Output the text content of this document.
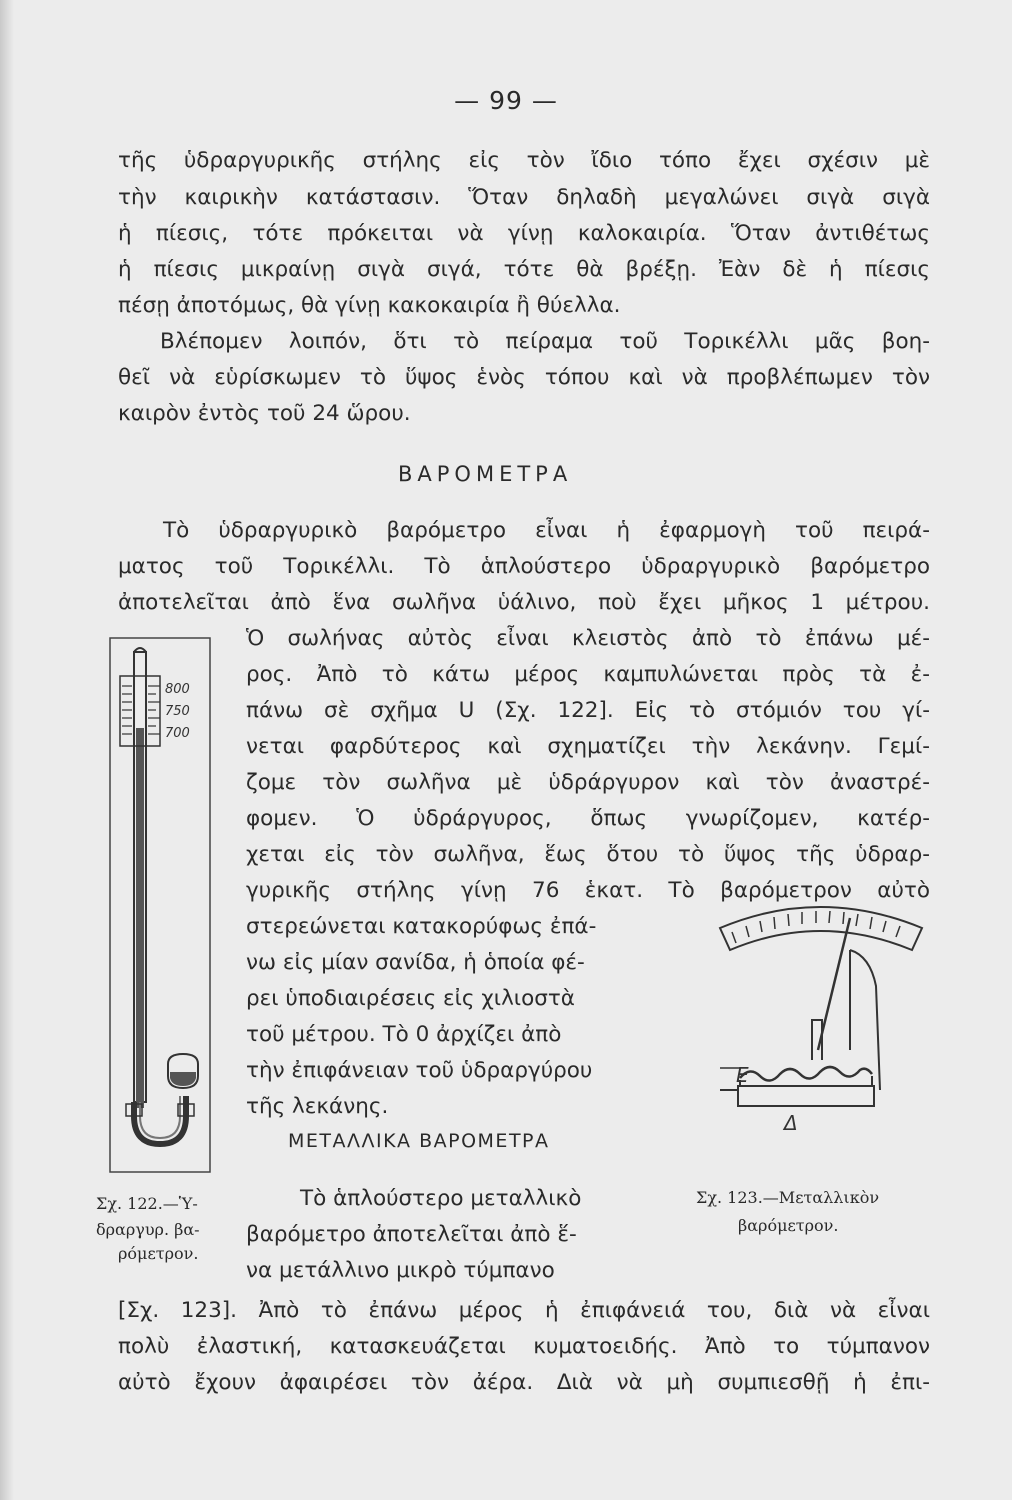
— 99 —
τῆς ὑδραργυρικῆς στήλης εἰς τὸν ἴδιο τόπο ἔχει σχέσιν μὲ
τὴν καιρικὴν κατάστασιν. Ὅταν δηλαδὴ μεγαλώνει σιγὰ σιγὰ
ἡ πίεσις, τότε πρόκειται νὰ γίνῃ καλοκαιρία. Ὅταν ἀντιθέτως
ἡ πίεσις μικραίνῃ σιγὰ σιγά, τότε θὰ βρέξῃ. Ἐὰν δὲ ἡ πίεσις
πέσῃ ἀποτόμως, θὰ γίνῃ κακοκαιρία ἢ θύελλα.
Βλέπομεν λοιπόν, ὅτι τὸ πείραμα τοῦ Τορικέλλι μᾶς βοη-
θεῖ νὰ εὑρίσκωμεν τὸ ὕψος ἑνὸς τόπου καὶ νὰ προβλέπωμεν τὸν
καιρὸν ἐντὸς τοῦ 24 ὥρου.
ΒΑΡΟΜΕΤΡΑ
Τὸ ὑδραργυρικὸ βαρόμετρο εἶναι ἡ ἐφαρμογὴ τοῦ πειρά-
ματος τοῦ Τορικέλλι. Τὸ ἁπλούστερο ὑδραργυρικὸ βαρόμετρο
ἀποτελεῖται ἀπὸ ἕνα σωλῆνα ὑάλινο, ποὺ ἔχει μῆκος 1 μέτρου.
Ὁ σωλήνας αὐτὸς εἶναι κλειστὸς ἀπὸ τὸ ἐπάνω μέ-
ρος. Ἀπὸ τὸ κάτω μέρος καμπυλώνεται πρὸς τὰ ἐ-
πάνω σὲ σχῆμα U (Σχ. 122]. Εἰς τὸ στόμιόν του γί-
νεται φαρδύτερος καὶ σχηματίζει τὴν λεκάνην. Γεμί-
ζομε τὸν σωλῆνα μὲ ὑδράργυρον καὶ τὸν ἀναστρέ-
φομεν. Ὁ ὑδράργυρος, ὅπως γνωρίζομεν, κατέρ-
χεται εἰς τὸν σωλῆνα, ἕως ὅτου τὸ ὕψος τῆς ὑδραρ-
γυρικῆς στήλης γίνῃ 76 ἑκατ. Τὸ βαρόμετρον αὐτὸ
στερεώνεται κατακορύφως ἐπά-
νω εἰς μίαν σανίδα, ἡ ὁποία φέ-
ρει ὑποδιαιρέσεις εἰς χιλιοστὰ
τοῦ μέτρου. Τὸ 0 ἀρχίζει ἀπὸ
τὴν ἐπιφάνειαν τοῦ ὑδραργύρου
τῆς λεκάνης.
ΜΕΤΑΛΛΙΚΑ ΒΑΡΟΜΕΤΡΑ
Τὸ ἁπλούστερο μεταλλικὸ
βαρόμετρο ἀποτελεῖται ἀπὸ ἕ-
να μετάλλινο μικρὸ τύμπανο
[Σχ. 123]. Ἀπὸ τὸ ἐπάνω μέρος ἡ ἐπιφάνειά του, διὰ νὰ εἶναι
πολὺ ἐλαστική, κατασκευάζεται κυματοειδής. Ἀπὸ το τύμπανον
αὐτὸ ἔχουν ἀφαιρέσει τὸν ἀέρα. Διὰ νὰ μὴ συμπιεσθῇ ἡ ἐπι-
800
750
700
Σχ. 122.—Ὑ-
δραργυρ. βα-
ρόμετρον.
E
Δ
Σχ. 123.—Μεταλλικὸν
βαρόμετρον.
